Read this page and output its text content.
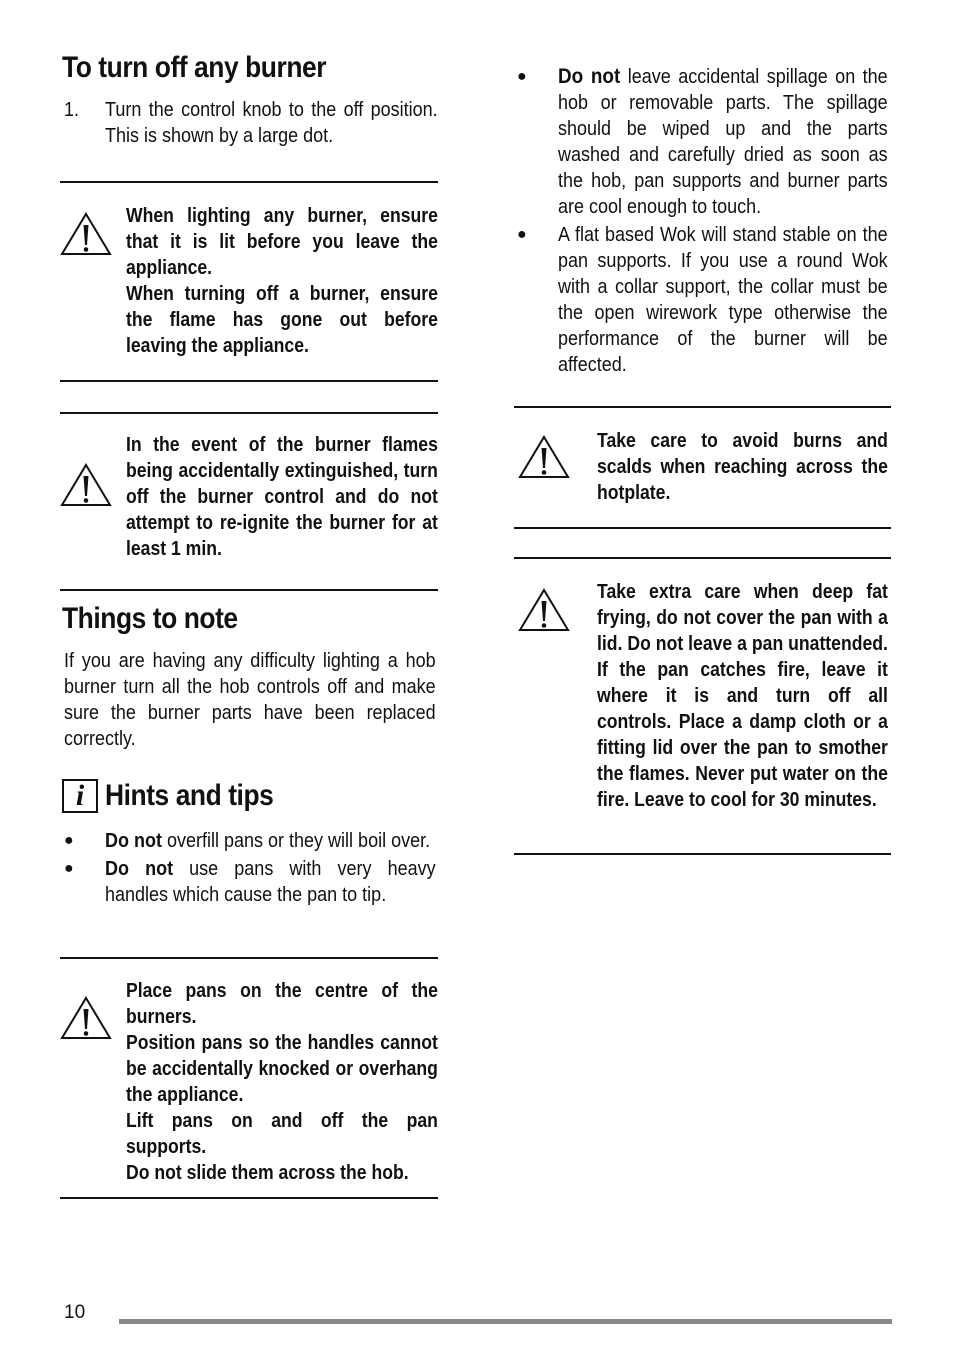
To turn off any burner
1. Turn the control knob to the off position. This is shown by a large dot.

When lighting any burner, ensure that it is lit before you leave the appliance.

When turning off a burner, ensure the flame has gone out before leaving the appliance.

In the event of the burner flames being accidentally extinguished, turn off the burner control and do not attempt to re-ignite the burner for at least 1 min.

Things to note
If you are having any difficulty lighting a hob burner turn all the hob controls off and make sure the burner parts have been replaced correctly.
i Hints and tips
● Do not overfill pans or they will boil over.
● Do not use pans with very heavy handles which cause the pan to tip.

Place pans on the centre of the burners.

Position pans so the handles cannot be accidentally knocked or overhang the appliance.

Lift pans on and off the pan supports.

Do not slide them across the hob.

● Do not leave accidental spillage on the hob or removable parts. The spillage should be wiped up and the parts washed and carefully dried as soon as the hob, pan supports and burner parts are cool enough to touch.
● A flat based Wok will stand stable on the pan supports. If you use a round Wok with a collar support, the collar must be the open wirework type otherwise the performance of the burner will be affected.

Take care to avoid burns and scalds when reaching across the hotplate.

Take extra care when deep fat frying, do not cover the pan with a lid. Do not leave a pan unattended. If the pan catches fire, leave it where it is and turn off all controls. Place a damp cloth or a fitting lid over the pan to smother the flames. Never put water on the fire. Leave to cool for 30 minutes.

10
